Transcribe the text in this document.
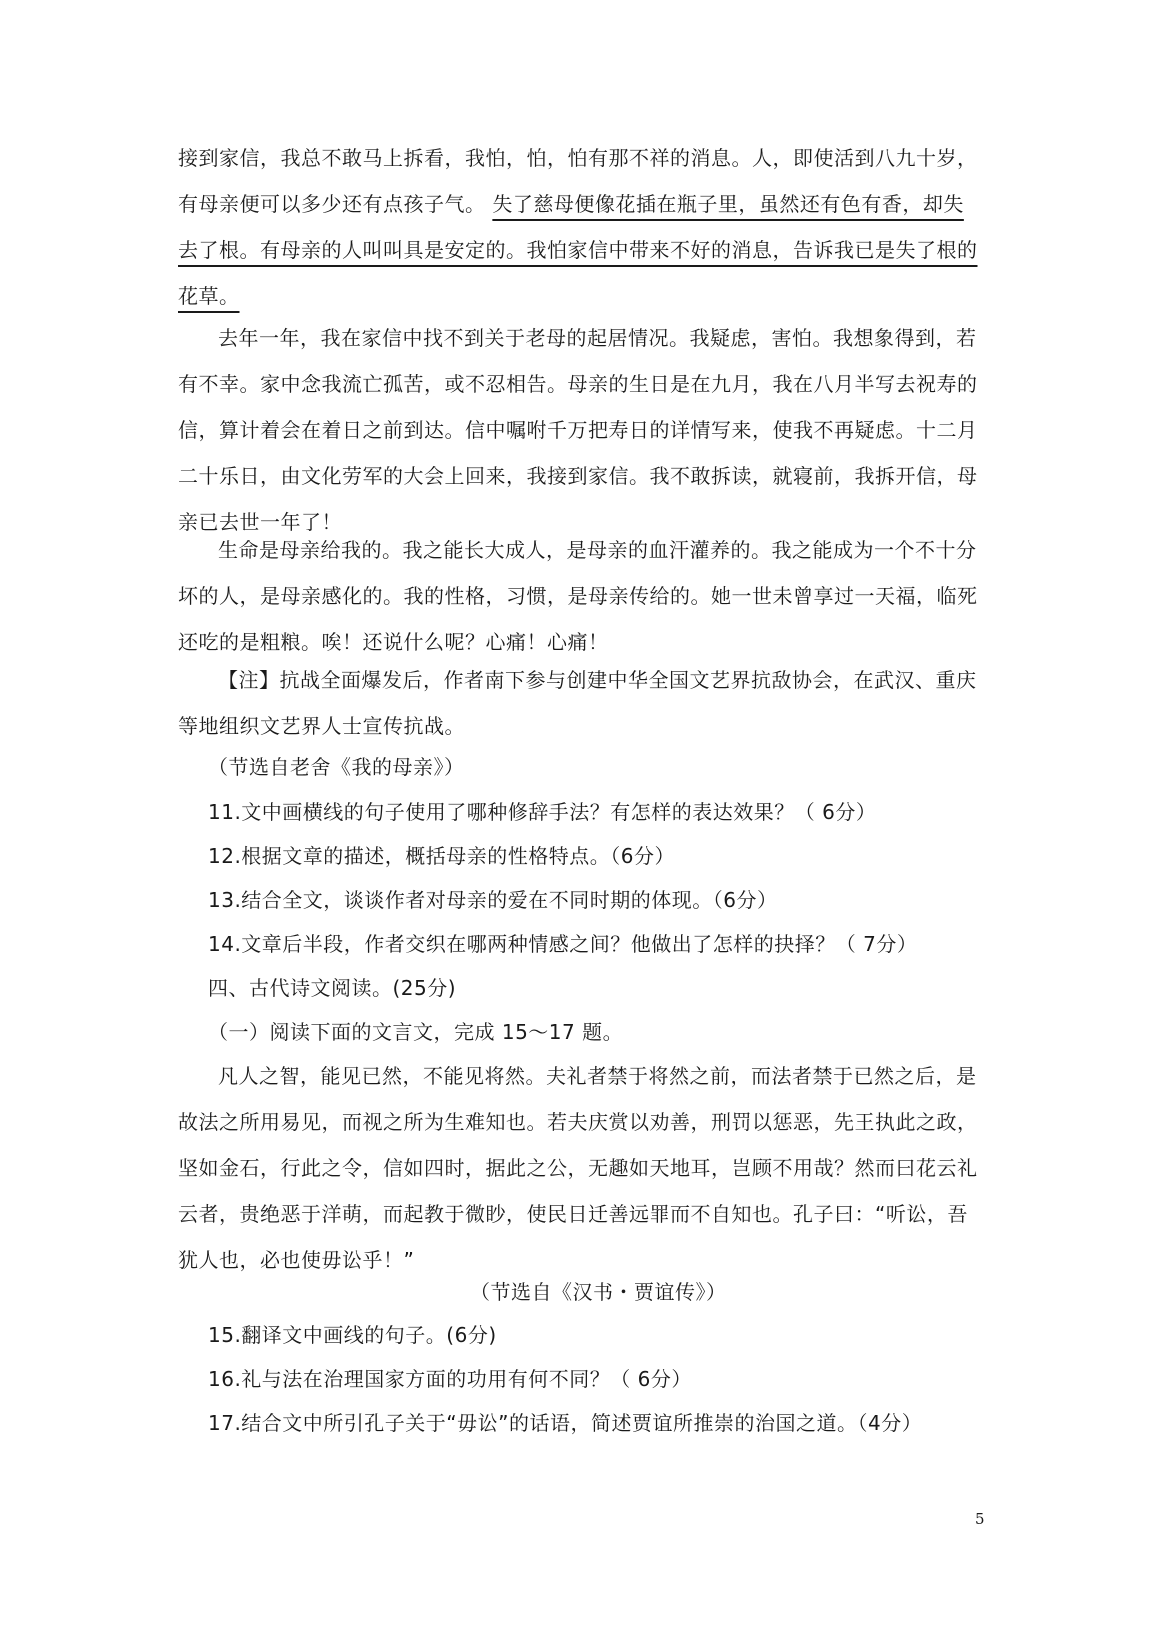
接到家信，我总不敢马上拆看，我怕，怕，怕有那不祥的消息。人，即使活到八九十岁，有母亲便可以多少还有点孩子气。 失了慈母便像花插在瓶子里，虽然还有色有香，却失去了根。有母亲的人叫叫具是安定的。我怕家信中带来不好的消息，告诉我已是失了根的花草。

去年一年，我在家信中找不到关于老母的起居情况。我疑虑，害怕。我想象得到，若有不幸。家中念我流亡孤苦，或不忍相告。母亲的生日是在九月，我在八月半写去祝寿的信，算计着会在着日之前到达。信中嘱咐千万把寿日的详情写来，使我不再疑虑。十二月二十乐日，由文化劳军的大会上回来，我接到家信。我不敢拆读，就寝前，我拆开信，母亲已去世一年了！

生命是母亲给我的。我之能长大成人，是母亲的血汗灌养的。我之能成为一个不十分坏的人，是母亲感化的。我的性格，习惯，是母亲传给的。她一世未曾享过一天福，临死还吃的是粗粮。唉！还说什么呢？心痛！心痛！

【注】抗战全面爆发后，作者南下参与创建中华全国文艺界抗敌协会，在武汉、重庆等地组织文艺界人士宣传抗战。

（节选自老舍《我的母亲》）

11.文中画横线的句子使用了哪种修辞手法？有怎样的表达效果？（ 6分）

12.根据文章的描述，概括母亲的性格特点。（6分）

13.结合全文，谈谈作者对母亲的爱在不同时期的体现。（6分）

14.文章后半段，作者交织在哪两种情感之间？他做出了怎样的抉择？（ 7分）

四、古代诗文阅读。(25分)

（一）阅读下面的文言文，完成 15～17 题。

凡人之智，能见已然，不能见将然。夫礼者禁于将然之前，而法者禁于已然之后，是故法之所用易见，而视之所为生难知也。若夫庆赏以劝善，刑罚以惩恶，先王执此之政，坚如金石，行此之令，信如四时，据此之公，无趣如天地耳，岂顾不用哉？然而曰花云礼云者，贵绝恶于洋萌，而起教于微眇，使民日迁善远罪而不自知也。孔子曰：“听讼，吾犹人也，必也使毋讼乎！”

（节选自《汉书・贾谊传》）

15.翻译文中画线的句子。(6分)

16.礼与法在治理国家方面的功用有何不同？（ 6分）

17.结合文中所引孔子关于“毋讼”的话语，简述贾谊所推崇的治国之道。（4分）

5
